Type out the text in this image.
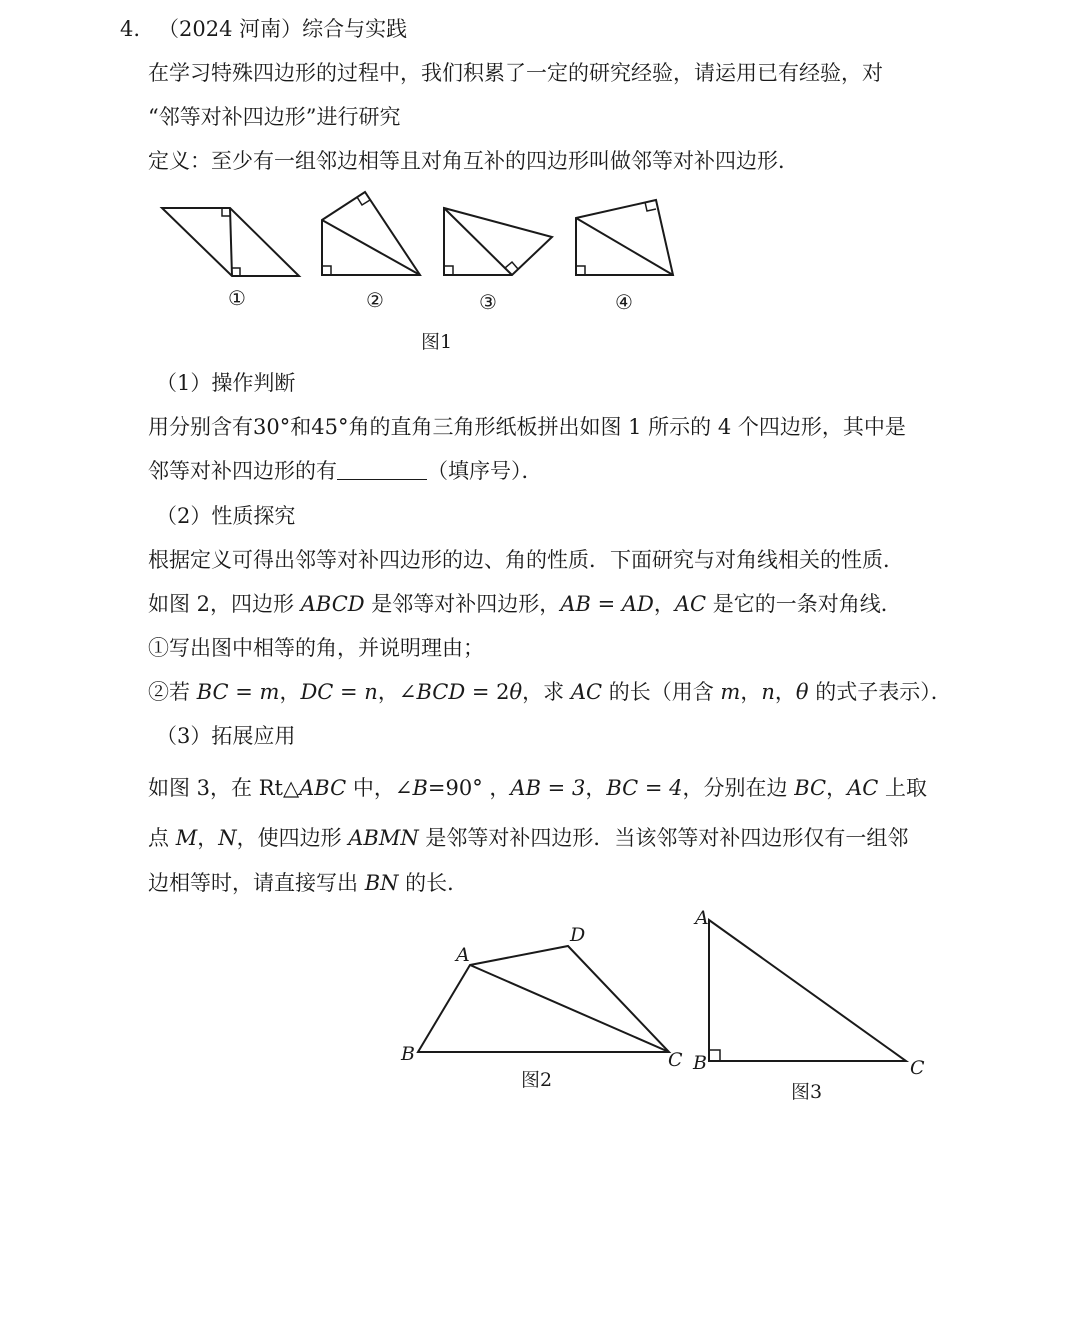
4. （2024 河南）综合与实践
在学习特殊四边形的过程中，我们积累了一定的研究经验，请运用已有经验，对
“邻等对补四边形”进行研究
定义：至少有一组邻边相等且对角互补的四边形叫做邻等对补四边形．
①	②	③	④
图1
A
D
B	C
图2
A
B	C
图3
（1）操作判断
用分别含有30°和45°角的直角三角形纸板拼出如图 1 所示的 4 个四边形，其中是
邻等对补四边形的有	（填序号）．
（2）性质探究
根据定义可得出邻等对补四边形的边、角的性质．下面研究与对角线相关的性质．
如图 2，四边形 ABCD 是邻等对补四边形，AB = AD，AC 是它的一条对角线．
①写出图中相等的角，并说明理由；
②若 BC = m，DC = n，∠BCD = 2θ，求 AC 的长（用含 m，n，θ 的式子表示）．
（3）拓展应用
如图 3，在 Rt△ABC 中，∠B=90° ，AB = 3，BC = 4，分别在边 BC，AC 上取
点 M，N，使四边形 ABMN 是邻等对补四边形．当该邻等对补四边形仅有一组邻
边相等时，请直接写出 BN 的长．
